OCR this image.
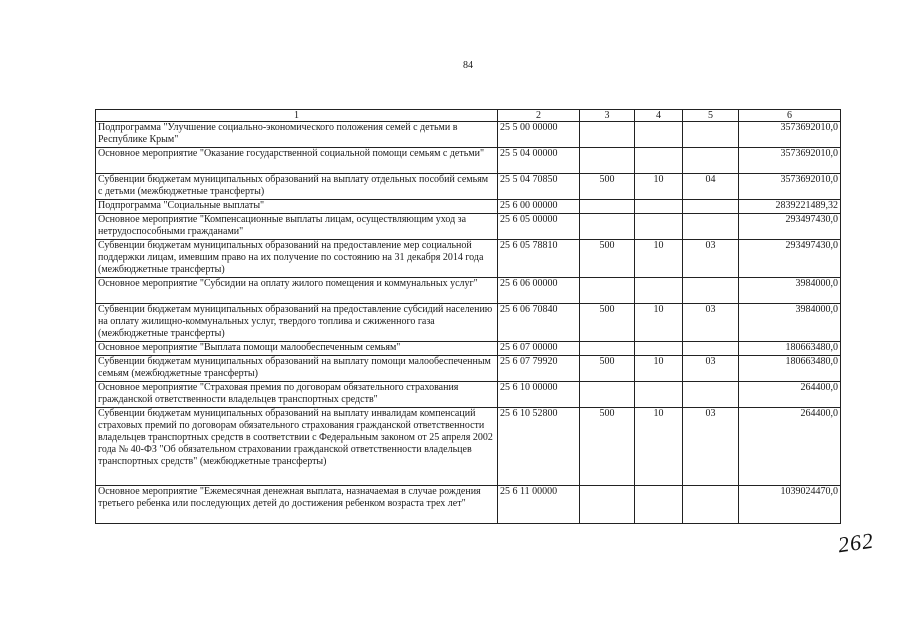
84
1	2	3	4	5	6
Подпрограмма "Улучшение социально-экономического положения семей с детьми в Республике Крым"	25 5 00 00000				3573692010,0
Основное мероприятие "Оказание государственной социальной помощи семьям с детьми"	25 5 04 00000				3573692010,0
Субвенции бюджетам муниципальных образований на выплату отдельных пособий семьям с детьми (межбюджетные трансферты)	25 5 04 70850	500	10	04	3573692010,0
Подпрограмма "Социальные выплаты"	25 6 00 00000				2839221489,32
Основное мероприятие "Компенсационные выплаты лицам, осуществляющим уход за нетрудоспособными гражданами"	25 6 05 00000				293497430,0
Субвенции бюджетам муниципальных образований на предоставление мер социальной поддержки лицам, имевшим право на их получение по состоянию на 31 декабря 2014 года (межбюджетные трансферты)	25 6 05 78810	500	10	03	293497430,0
Основное мероприятие "Субсидии на оплату жилого помещения и коммунальных услуг"	25 6 06 00000				3984000,0
Субвенции бюджетам муниципальных образований на предоставление субсидий населению на оплату жилищно-коммунальных услуг, твердого топлива и сжиженного газа (межбюджетные трансферты)	25 6 06 70840	500	10	03	3984000,0
Основное мероприятие "Выплата помощи малообеспеченным семьям"	25 6 07 00000				180663480,0
Субвенции бюджетам муниципальных образований на выплату помощи малообеспеченным семьям (межбюджетные трансферты)	25 6 07 79920	500	10	03	180663480,0
Основное мероприятие "Страховая премия по договорам обязательного страхования гражданской ответственности владельцев транспортных средств"	25 6 10 00000				264400,0
Субвенции бюджетам муниципальных образований на выплату инвалидам компенсаций страховых премий по договорам обязательного страхования гражданской ответственности владельцев транспортных средств в соответствии с Федеральным законом от 25 апреля 2002 года № 40-ФЗ "Об обязательном страховании гражданской ответственности владельцев транспортных средств" (межбюджетные трансферты)	25 6 10 52800	500	10	03	264400,0
Основное мероприятие "Ежемесячная денежная выплата, назначаемая в случае рождения третьего ребенка или последующих детей до достижения ребенком возраста трех лет"	25 6 11 00000				1039024470,0
262
